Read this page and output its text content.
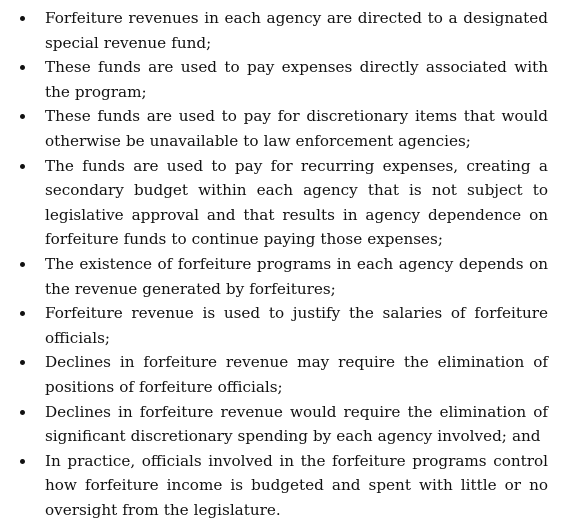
Forfeiture revenues in each agency are directed to a designated special revenue fund;
These funds are used to pay expenses directly associated with the program;
These funds are used to pay for discretionary items that would otherwise be unavailable to law enforcement agencies;
The funds are used to pay for recurring expenses, creating a secondary budget within each agency that is not subject to legislative approval and that results in agency dependence on forfeiture funds to continue paying those expenses;
The existence of forfeiture programs in each agency depends on the revenue generated by forfeitures;
Forfeiture revenue is used to justify the salaries of forfeiture officials;
Declines in forfeiture revenue may require the elimination of positions of forfeiture officials;
Declines in forfeiture revenue would require the elimination of significant discretionary spending by each agency involved; and
In practice, officials involved in the forfeiture programs control how forfeiture income is budgeted and spent with little or no oversight from the legislature.
